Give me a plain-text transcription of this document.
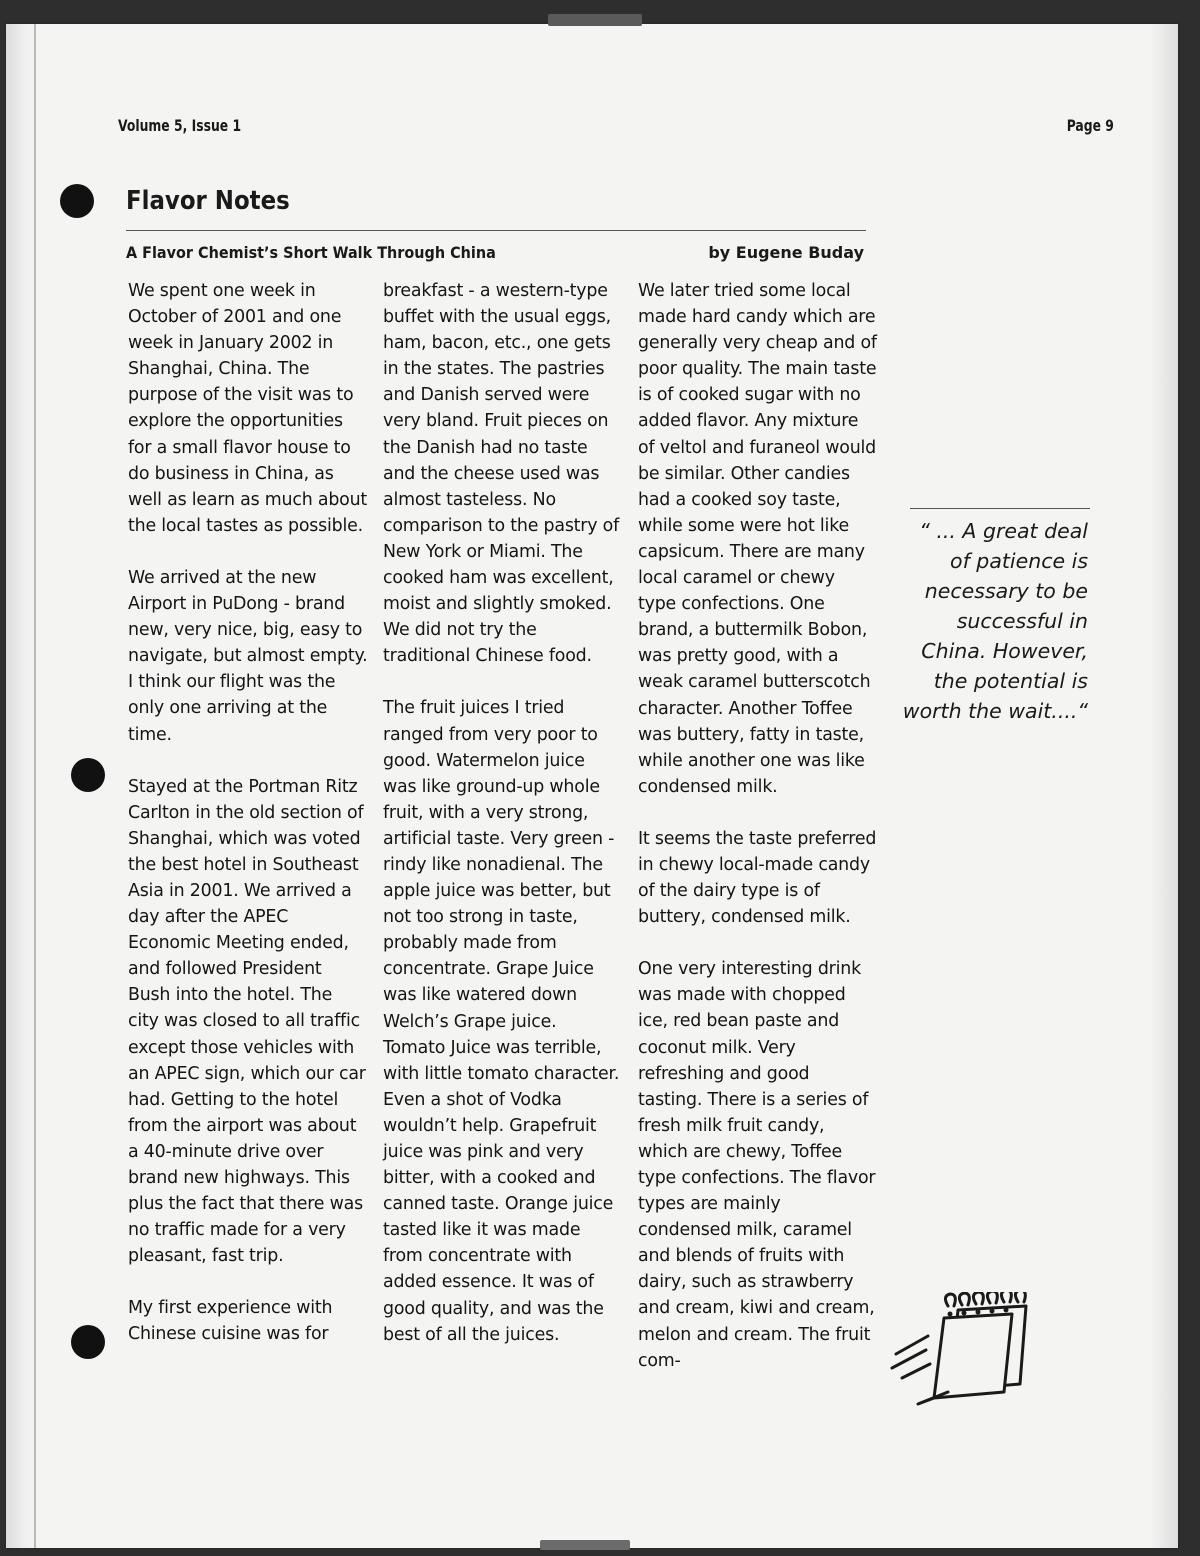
Volume 5, Issue 1	Page 9
Flavor Notes
A Flavor Chemist’s Short Walk Through China	by Eugene Buday

We spent one week in October of 2001 and one week in January 2002 in Shanghai, China. The purpose of the visit was to explore the opportunities for a small flavor house to do business in China, as well as learn as much about the local tastes as possible.

We arrived at the new Airport in PuDong - brand new, very nice, big, easy to navigate, but almost empty. I think our flight was the only one arriving at the time.

Stayed at the Portman Ritz Carlton in the old section of Shanghai, which was voted the best hotel in Southeast Asia in 2001. We arrived a day after the APEC Economic Meeting ended, and followed President Bush into the hotel. The city was closed to all traffic except those vehicles with an APEC sign, which our car had. Getting to the hotel from the airport was about a 40-minute drive over brand new highways. This plus the fact that there was no traffic made for a very pleasant, fast trip.

My first experience with Chinese cuisine was for

breakfast - a western-type buffet with the usual eggs, ham, bacon, etc., one gets in the states. The pastries and Danish served were very bland. Fruit pieces on the Danish had no taste and the cheese used was almost tasteless. No comparison to the pastry of New York or Miami. The cooked ham was excellent, moist and slightly smoked. We did not try the traditional Chinese food.

The fruit juices I tried ranged from very poor to good. Watermelon juice was like ground-up whole fruit, with a very strong, artificial taste. Very green - rindy like nonadienal. The apple juice was better, but not too strong in taste, probably made from concentrate. Grape Juice was like watered down Welch’s Grape juice. Tomato Juice was terrible, with little tomato character. Even a shot of Vodka wouldn’t help. Grapefruit juice was pink and very bitter, with a cooked and canned taste. Orange juice tasted like it was made from concentrate with added essence. It was of good quality, and was the best of all the juices.

We later tried some local made hard candy which are generally very cheap and of poor quality. The main taste is of cooked sugar with no added flavor. Any mixture of veltol and furaneol would be similar. Other candies had a cooked soy taste, while some were hot like capsicum. There are many local caramel or chewy type confections. One brand, a buttermilk Bobon, was pretty good, with a weak caramel butterscotch character. Another Toffee was buttery, fatty in taste, while another one was like condensed milk.

It seems the taste preferred in chewy local-made candy of the dairy type is of buttery, condensed milk.

One very interesting drink was made with chopped ice, red bean paste and coconut milk. Very refreshing and good tasting. There is a series of fresh milk fruit candy, which are chewy, Toffee type confections. The flavor types are mainly condensed milk, caramel and blends of fruits with dairy, such as strawberry and cream, kiwi and cream, melon and cream. The fruit com-

“ ... A great deal of patience is necessary to be successful in China. However, the potential is worth the wait....“
